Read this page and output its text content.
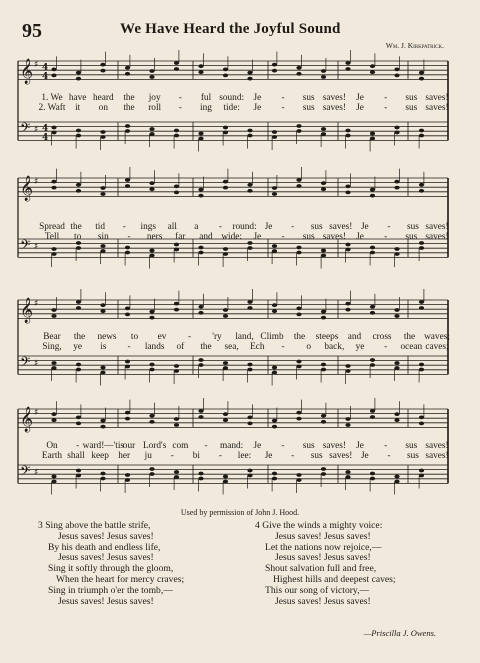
95	We Have Heard the Joyful Sound
Wm. J. Kirkpatrick.
𝄞 ♯ 4
4
𝄢 ♯ 4
4
1. We have heard the joy - ful sound: Je - sus saves! Je - sus saves!
2. Waft it on the roll - ing tide: Je - sus saves! Je - sus saves!
𝄞 ♯
𝄢 ♯
Spread the tid - ings all a - round: Je - sus saves! Je - sus saves!
Tell to sin - ners far and wide: Je - sus saves! Je - sus saves!
𝄞 ♯
𝄢 ♯
Bear the news to ev - 'ry land, Climb the steeps and cross the waves;
Sing, ye is - lands of the sea, Ech - o back, ye - ocean caves;
𝄞 ♯
𝄢 ♯
On - ward!—'tis
our Lord's com - mand: Je - sus saves! Je - sus saves!
Earth shall keep her ju - bi - lee: Je - sus saves! Je - sus saves!
Used by permission of John J. Hood.
3 Sing above the battle strife,
Jesus saves! Jesus saves!
By his death and endless life,
Jesus saves! Jesus saves!
Sing it softly through the gloom,
When the heart for mercy craves;
Sing in triumph o'er the tomb,—
Jesus saves! Jesus saves!
4 Give the winds a mighty voice:
Jesus saves! Jesus saves!
Let the nations now rejoice,—
Jesus saves! Jesus saves!
Shout salvation full and free,
Highest hills and deepest caves;
This our song of victory,—
Jesus saves! Jesus saves!
—Priscilla J. Owens.
